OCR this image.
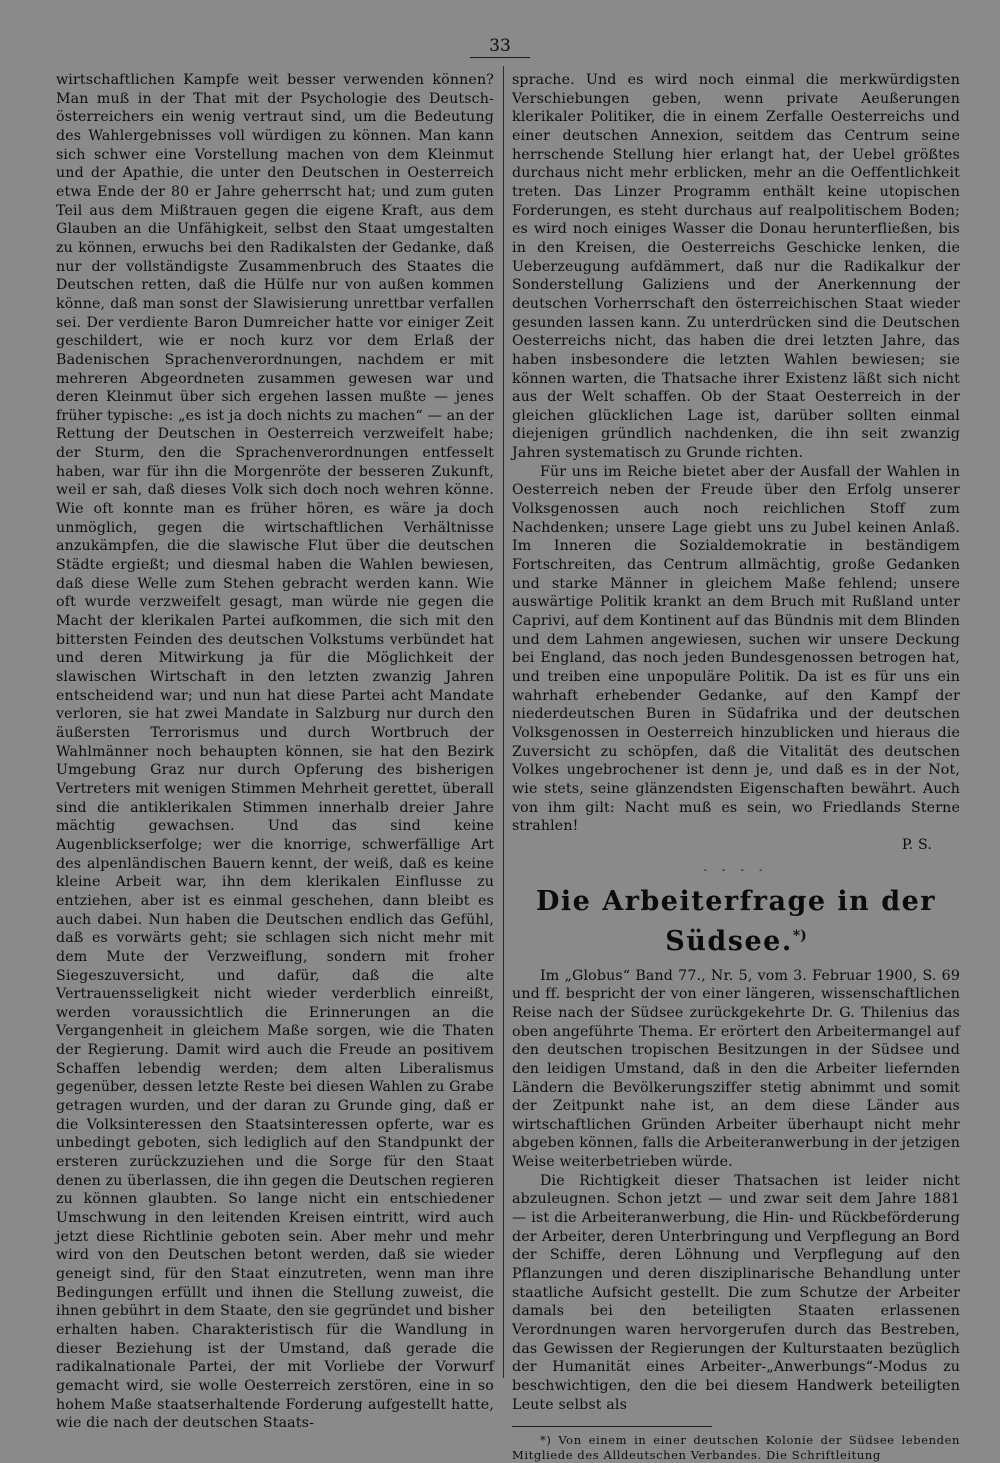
33

wirtschaftlichen Kampfe weit besser verwenden können? Man muß in der That mit der Psychologie des Deutsch-österreichers ein wenig vertraut sind, um die Bedeutung des Wahlergebnisses voll würdigen zu können. Man kann sich schwer eine Vorstellung machen von dem Kleinmut und der Apathie, die unter den Deutschen in Oesterreich etwa Ende der 80 er Jahre geherrscht hat; und zum guten Teil aus dem Mißtrauen gegen die eigene Kraft, aus dem Glauben an die Unfähigkeit, selbst den Staat umgestalten zu können, erwuchs bei den Radikalsten der Gedanke, daß nur der vollständigste Zusammenbruch des Staates die Deutschen retten, daß die Hülfe nur von außen kommen könne, daß man sonst der Slawisierung unrettbar verfallen sei. Der verdiente Baron Dumreicher hatte vor einiger Zeit geschildert, wie er noch kurz vor dem Erlaß der Badenischen Sprachenverordnungen, nachdem er mit mehreren Abgeordneten zusammen gewesen war und deren Kleinmut über sich ergehen lassen mußte — jenes früher typische: „es ist ja doch nichts zu machen“ — an der Rettung der Deutschen in Oesterreich verzweifelt habe; der Sturm, den die Sprachenverordnungen entfesselt haben, war für ihn die Morgenröte der besseren Zukunft, weil er sah, daß dieses Volk sich doch noch wehren könne. Wie oft konnte man es früher hören, es wäre ja doch unmöglich, gegen die wirtschaftlichen Verhältnisse anzukämpfen, die die slawische Flut über die deutschen Städte ergießt; und diesmal haben die Wahlen bewiesen, daß diese Welle zum Stehen gebracht werden kann. Wie oft wurde verzweifelt gesagt, man würde nie gegen die Macht der klerikalen Partei aufkommen, die sich mit den bittersten Feinden des deutschen Volkstums verbündet hat und deren Mitwirkung ja für die Möglichkeit der slawischen Wirtschaft in den letzten zwanzig Jahren entscheidend war; und nun hat diese Partei acht Mandate verloren, sie hat zwei Mandate in Salzburg nur durch den äußersten Terrorismus und durch Wortbruch der Wahlmänner noch behaupten können, sie hat den Bezirk Umgebung Graz nur durch Opferung des bisherigen Vertreters mit wenigen Stimmen Mehrheit gerettet, überall sind die antiklerikalen Stimmen innerhalb dreier Jahre mächtig gewachsen. Und das sind keine Augenblickserfolge; wer die knorrige, schwerfällige Art des alpenländischen Bauern kennt, der weiß, daß es keine kleine Arbeit war, ihn dem klerikalen Einflusse zu entziehen, aber ist es einmal geschehen, dann bleibt es auch dabei. Nun haben die Deutschen endlich das Gefühl, daß es vorwärts geht; sie schlagen sich nicht mehr mit dem Mute der Verzweiflung, sondern mit froher Siegeszuversicht, und dafür, daß die alte Vertrauensseligkeit nicht wieder verderblich einreißt, werden voraussichtlich die Erinnerungen an die Vergangenheit in gleichem Maße sorgen, wie die Thaten der Regierung. Damit wird auch die Freude an positivem Schaffen lebendig werden; dem alten Liberalismus gegenüber, dessen letzte Reste bei diesen Wahlen zu Grabe getragen wurden, und der daran zu Grunde ging, daß er die Volksinteressen den Staatsinteressen opferte, war es unbedingt geboten, sich lediglich auf den Standpunkt der ersteren zurückzuziehen und die Sorge für den Staat denen zu überlassen, die ihn gegen die Deutschen regieren zu können glaubten. So lange nicht ein entschiedener Umschwung in den leitenden Kreisen eintritt, wird auch jetzt diese Richtlinie geboten sein. Aber mehr und mehr wird von den Deutschen betont werden, daß sie wieder geneigt sind, für den Staat einzutreten, wenn man ihre Bedingungen erfüllt und ihnen die Stellung zuweist, die ihnen gebührt in dem Staate, den sie gegründet und bisher erhalten haben. Charakteristisch für die Wandlung in dieser Beziehung ist der Umstand, daß gerade die radikalnationale Partei, der mit Vorliebe der Vorwurf gemacht wird, sie wolle Oesterreich zerstören, eine in so hohem Maße staatserhaltende Forderung aufgestellt hatte, wie die nach der deutschen Staats-

sprache. Und es wird noch einmal die merkwürdigsten Verschiebungen geben, wenn private Aeußerungen klerikaler Politiker, die in einem Zerfalle Oesterreichs und einer deutschen Annexion, seitdem das Centrum seine herrschende Stellung hier erlangt hat, der Uebel größtes durchaus nicht mehr erblicken, mehr an die Oeffentlichkeit treten. Das Linzer Programm enthält keine utopischen Forderungen, es steht durchaus auf realpolitischem Boden; es wird noch einiges Wasser die Donau herunterfließen, bis in den Kreisen, die Oesterreichs Geschicke lenken, die Ueberzeugung aufdämmert, daß nur die Radikalkur der Sonderstellung Galiziens und der Anerkennung der deutschen Vorherrschaft den österreichischen Staat wieder gesunden lassen kann. Zu unterdrücken sind die Deutschen Oesterreichs nicht, das haben die drei letzten Jahre, das haben insbesondere die letzten Wahlen bewiesen; sie können warten, die Thatsache ihrer Existenz läßt sich nicht aus der Welt schaffen. Ob der Staat Oesterreich in der gleichen glücklichen Lage ist, darüber sollten einmal diejenigen gründlich nachdenken, die ihn seit zwanzig Jahren systematisch zu Grunde richten.

Für uns im Reiche bietet aber der Ausfall der Wahlen in Oesterreich neben der Freude über den Erfolg unserer Volksgenossen auch noch reichlichen Stoff zum Nachdenken; unsere Lage giebt uns zu Jubel keinen Anlaß. Im Inneren die Sozialdemokratie in beständigem Fortschreiten, das Centrum allmächtig, große Gedanken und starke Männer in gleichem Maße fehlend; unsere auswärtige Politik krankt an dem Bruch mit Rußland unter Caprivi, auf dem Kontinent auf das Bündnis mit dem Blinden und dem Lahmen angewiesen, suchen wir unsere Deckung bei England, das noch jeden Bundesgenossen betrogen hat, und treiben eine unpopuläre Politik. Da ist es für uns ein wahrhaft erhebender Gedanke, auf den Kampf der niederdeutschen Buren in Südafrika und der deutschen Volksgenossen in Oesterreich hinzublicken und hieraus die Zuversicht zu schöpfen, daß die Vitalität des deutschen Volkes ungebrochener ist denn je, und daß es in der Not, wie stets, seine glänzendsten Eigenschaften bewährt. Auch von ihm gilt: Nacht muß es sein, wo Friedlands Sterne strahlen!

P. S.

- - - -
Die Arbeiterfrage in der Südsee.*)

Im „Globus“ Band 77., Nr. 5, vom 3. Februar 1900, S. 69 und ff. bespricht der von einer längeren, wissenschaftlichen Reise nach der Südsee zurückgekehrte Dr. G. Thilenius das oben angeführte Thema. Er erörtert den Arbeitermangel auf den deutschen tropischen Besitzungen in der Südsee und den leidigen Umstand, daß in den die Arbeiter liefernden Ländern die Bevölkerungsziffer stetig abnimmt und somit der Zeitpunkt nahe ist, an dem diese Länder aus wirtschaftlichen Gründen Arbeiter überhaupt nicht mehr abgeben können, falls die Arbeiteranwerbung in der jetzigen Weise weiterbetrieben würde.

Die Richtigkeit dieser Thatsachen ist leider nicht abzuleugnen. Schon jetzt — und zwar seit dem Jahre 1881 — ist die Arbeiteranwerbung, die Hin- und Rückbeförderung der Arbeiter, deren Unterbringung und Verpflegung an Bord der Schiffe, deren Löhnung und Verpflegung auf den Pflanzungen und deren disziplinarische Behandlung unter staatliche Aufsicht gestellt. Die zum Schutze der Arbeiter damals bei den beteiligten Staaten erlassenen Verordnungen waren hervorgerufen durch das Bestreben, das Gewissen der Regierungen der Kulturstaaten bezüglich der Humanität eines Arbeiter-„Anwerbungs“-Modus zu beschwichtigen, den die bei diesem Handwerk beteiligten Leute selbst als

*) Von einem in einer deutschen Kolonie der Südsee lebenden Mitgliede des Alldeutschen Verbandes. Die Schriftleitung
